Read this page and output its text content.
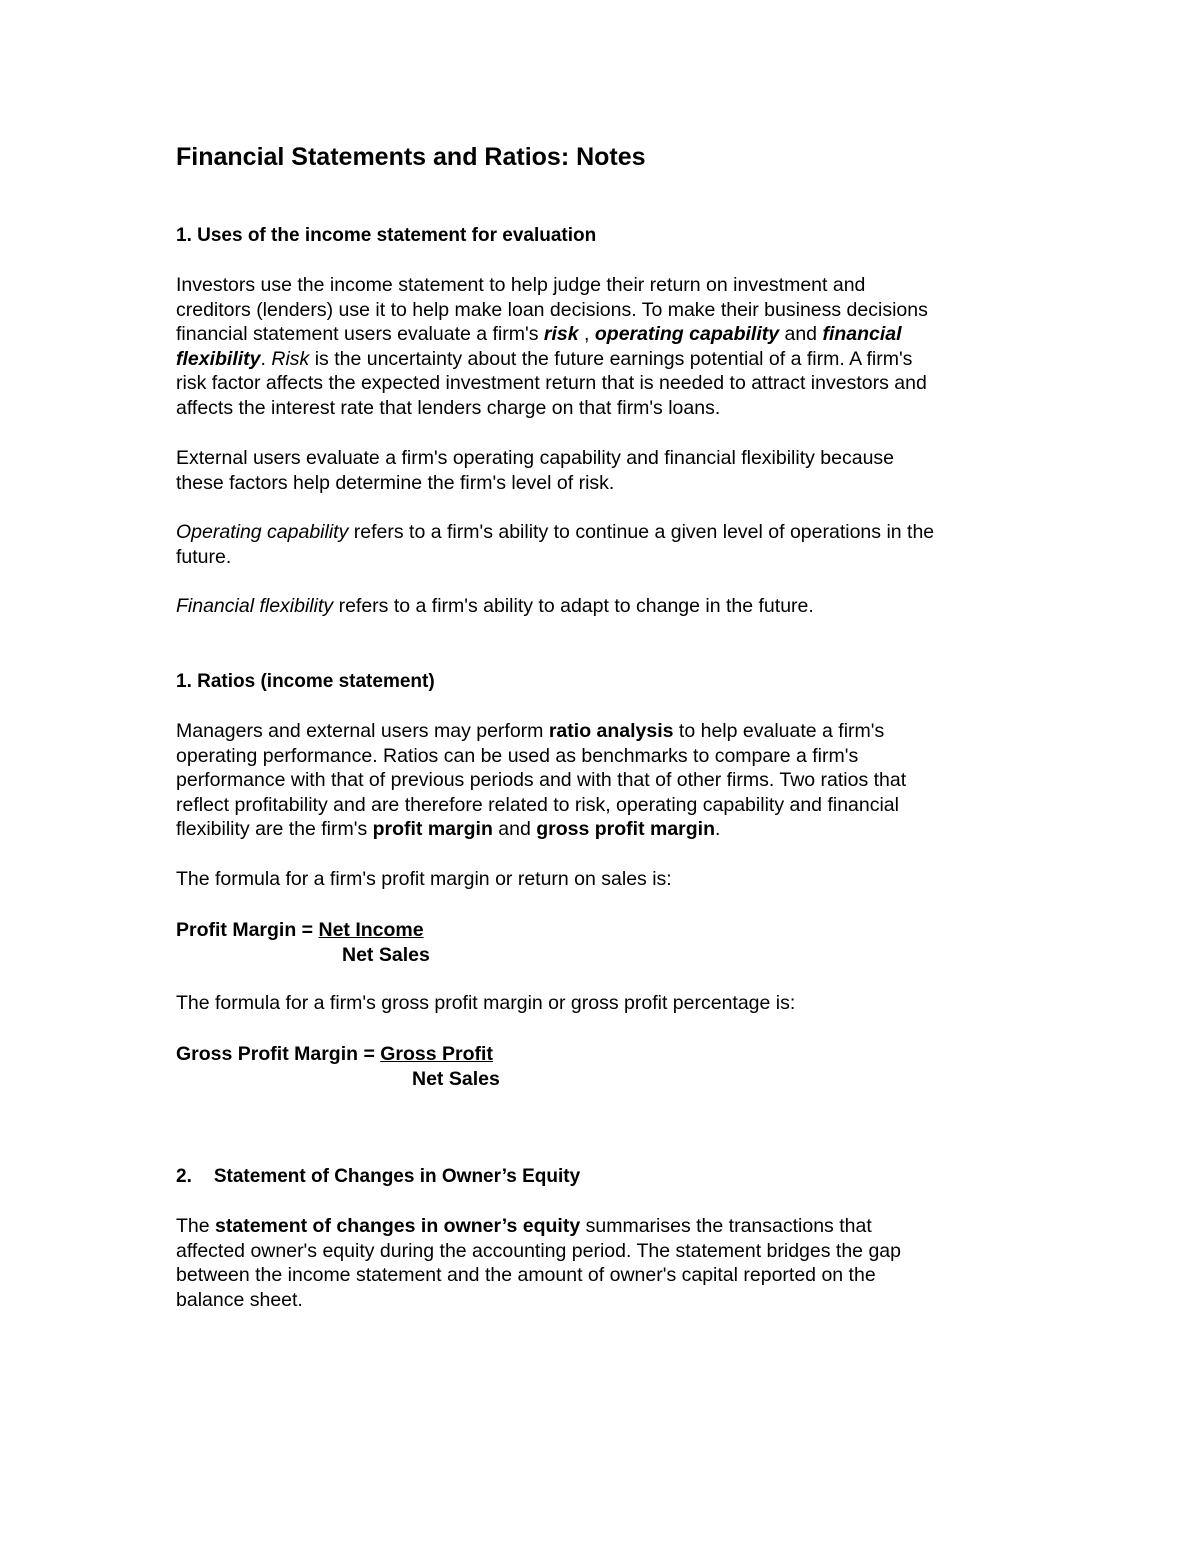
Financial Statements and Ratios: Notes
1. Uses of the income statement for evaluation

Investors use the income statement to help judge their return on investment and
creditors (lenders) use it to help make loan decisions. To make their business decisions
financial statement users evaluate a firm's risk , operating capability and financial
flexibility. Risk is the uncertainty about the future earnings potential of a firm. A firm's
risk factor affects the expected investment return that is needed to attract investors and
affects the interest rate that lenders charge on that firm's loans.

External users evaluate a firm's operating capability and financial flexibility because
these factors help determine the firm's level of risk.

Operating capability refers to a firm's ability to continue a given level of operations in the
future.

Financial flexibility refers to a firm's ability to adapt to change in the future.

1. Ratios (income statement)

Managers and external users may perform ratio analysis to help evaluate a firm's
operating performance. Ratios can be used as benchmarks to compare a firm's
performance with that of previous periods and with that of other firms. Two ratios that
reflect profitability and are therefore related to risk, operating capability and financial
flexibility are the firm's profit margin and gross profit margin.

The formula for a firm's profit margin or return on sales is:

Profit Margin = Net Income
Net Sales

The formula for a firm's gross profit margin or gross profit percentage is:

Gross Profit Margin = Gross Profit
Net Sales
2. Statement of Changes in Owner’s Equity

The statement of changes in owner’s equity summarises the transactions that
affected owner's equity during the accounting period. The statement bridges the gap
between the income statement and the amount of owner's capital reported on the
balance sheet.
